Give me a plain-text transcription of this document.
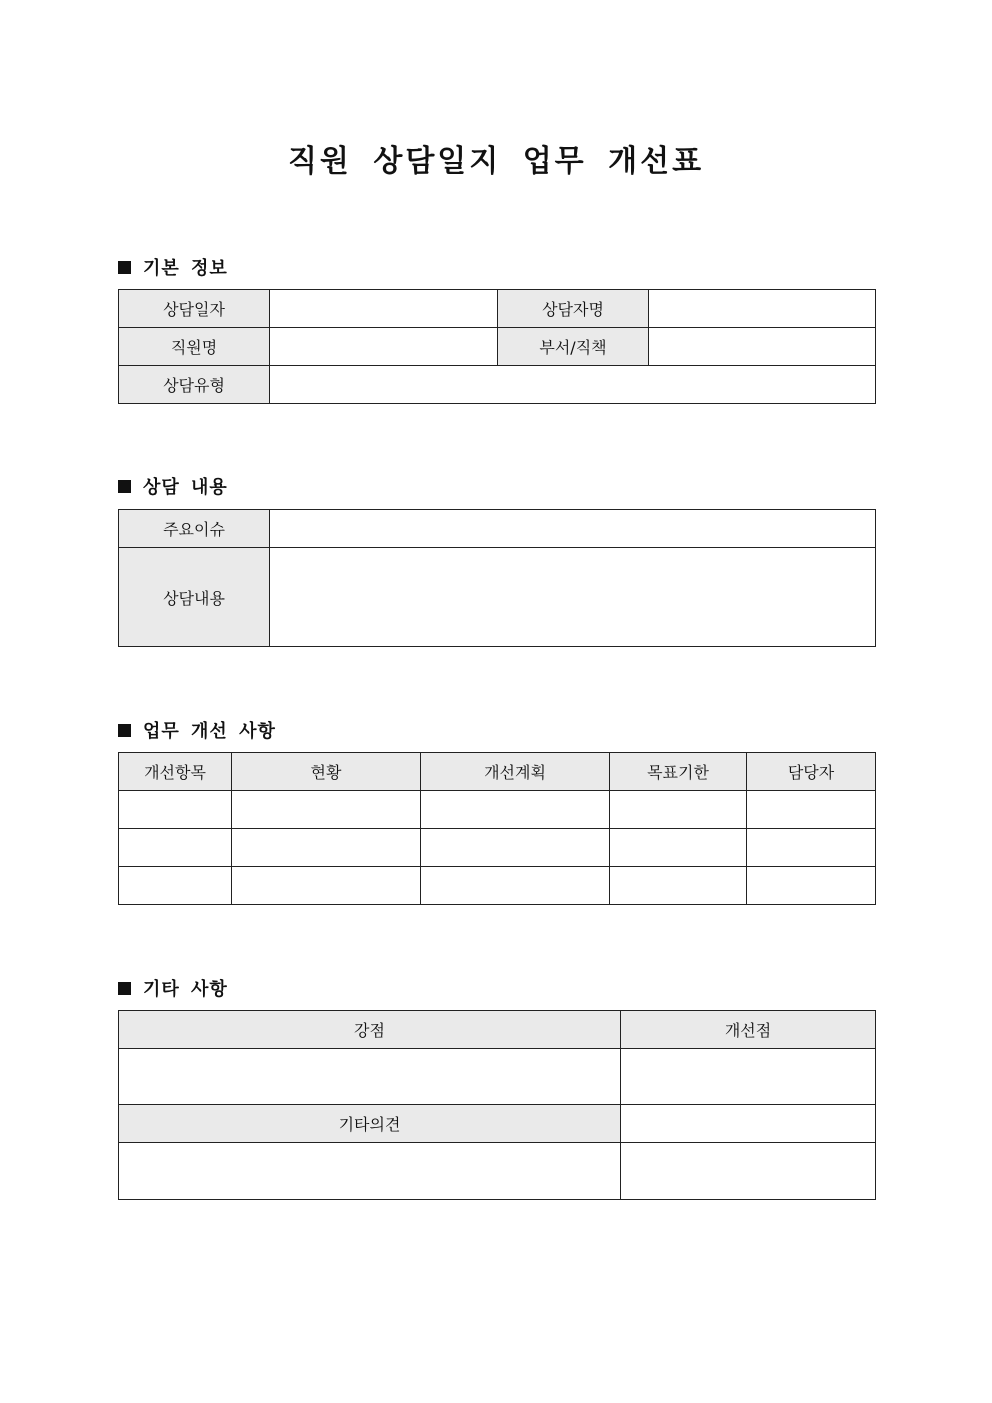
직원 상담일지 업무 개선표
기본 정보
상담일자		상담자명	
직원명		부서/직책	
상담유형			
상담 내용
주요이슈	
상담내용	
업무 개선 사항
개선항목	현황	개선계획	목표기한	담당자

기타 사항
강점	개선점

기타의견	
